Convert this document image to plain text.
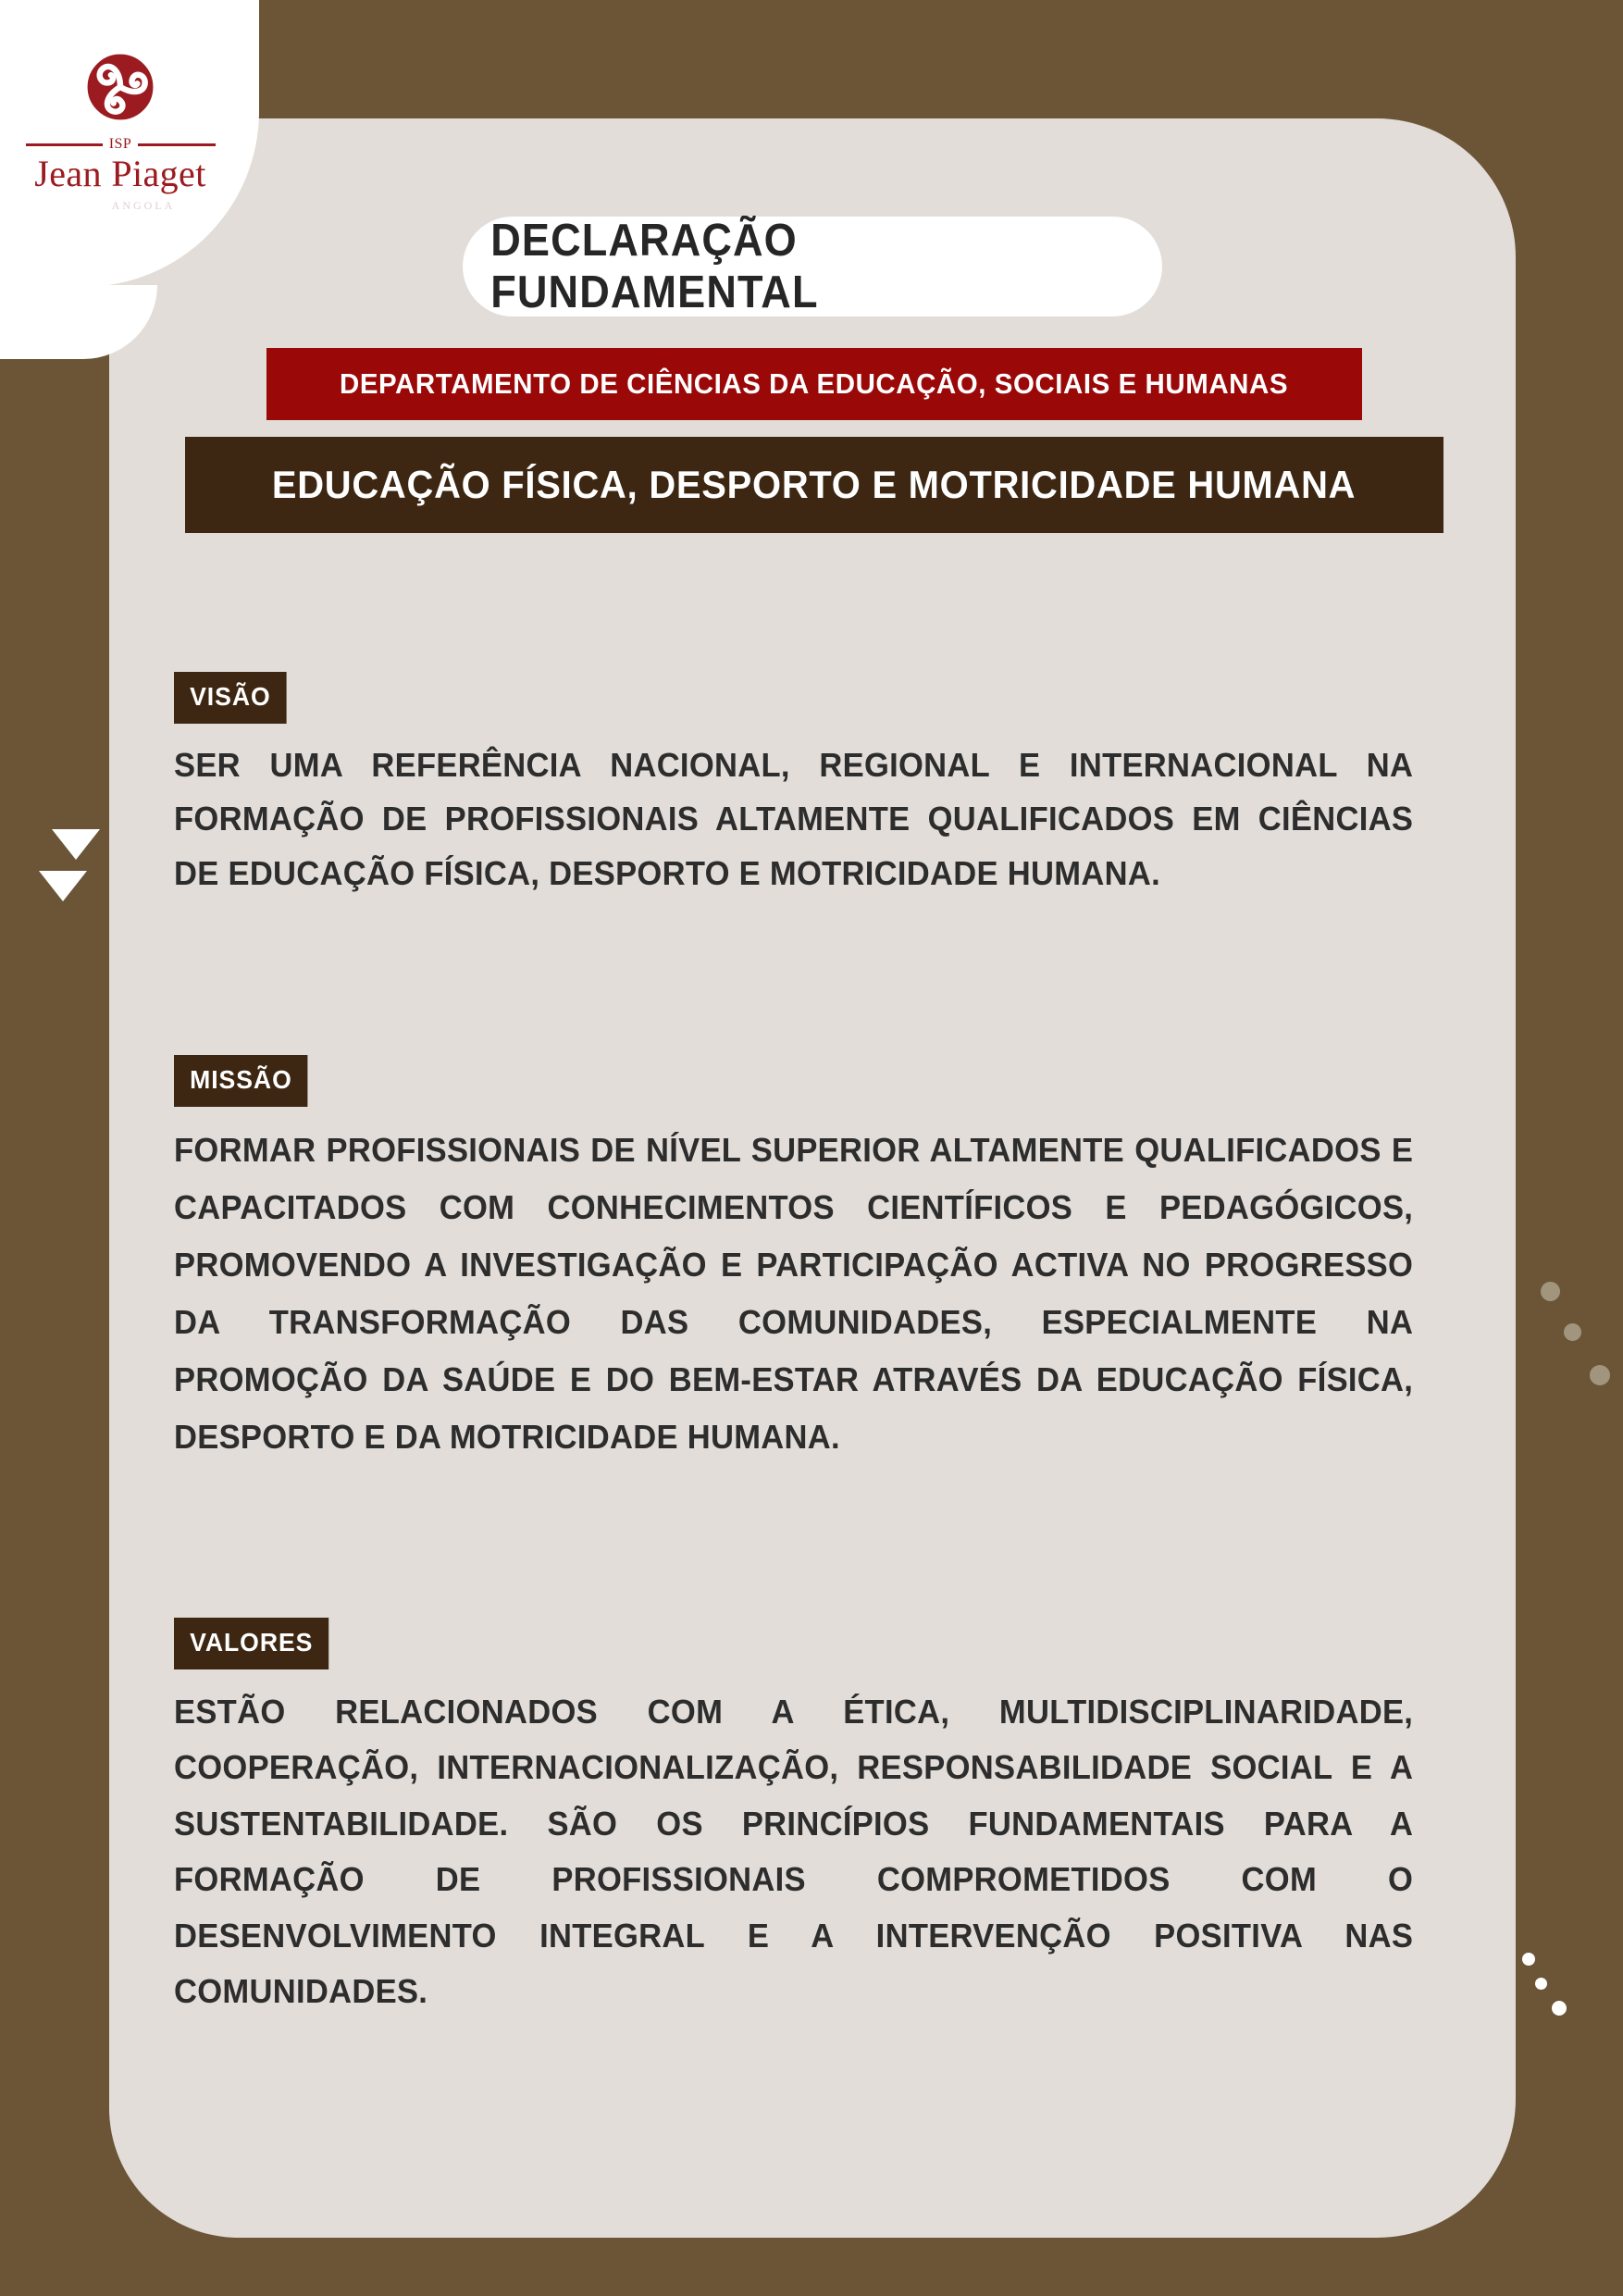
ISP
Jean Piaget
ANGOLA
DECLARAÇÃO FUNDAMENTAL
DEPARTAMENTO DE CIÊNCIAS DA EDUCAÇÃO, SOCIAIS E HUMANAS
EDUCAÇÃO FÍSICA, DESPORTO E MOTRICIDADE HUMANA
VISÃO
SER UMA REFERÊNCIA NACIONAL, REGIONAL E INTERNACIONAL NA FORMAÇÃO DE PROFISSIONAIS ALTAMENTE QUALIFICADOS EM CIÊNCIAS DE EDUCAÇÃO FÍSICA, DESPORTO E MOTRICIDADE HUMANA.
MISSÃO
FORMAR PROFISSIONAIS DE NÍVEL SUPERIOR ALTAMENTE QUALIFICADOS E CAPACITADOS COM CONHECIMENTOS CIENTÍFICOS E PEDAGÓGICOS, PROMOVENDO A INVESTIGAÇÃO E PARTICIPAÇÃO ACTIVA NO PROGRESSO DA TRANSFORMAÇÃO DAS COMUNIDADES, ESPECIALMENTE NA PROMOÇÃO DA SAÚDE E DO BEM-ESTAR ATRAVÉS DA EDUCAÇÃO FÍSICA, DESPORTO E DA MOTRICIDADE HUMANA.
VALORES
ESTÃO RELACIONADOS COM A ÉTICA, MULTIDISCIPLINARIDADE, COOPERAÇÃO, INTERNACIONALIZAÇÃO, RESPONSABILIDADE SOCIAL E A SUSTENTABILIDADE. SÃO OS PRINCÍPIOS FUNDAMENTAIS PARA A FORMAÇÃO DE PROFISSIONAIS COMPROMETIDOS COM O DESENVOLVIMENTO INTEGRAL E A INTERVENÇÃO POSITIVA NAS COMUNIDADES.
